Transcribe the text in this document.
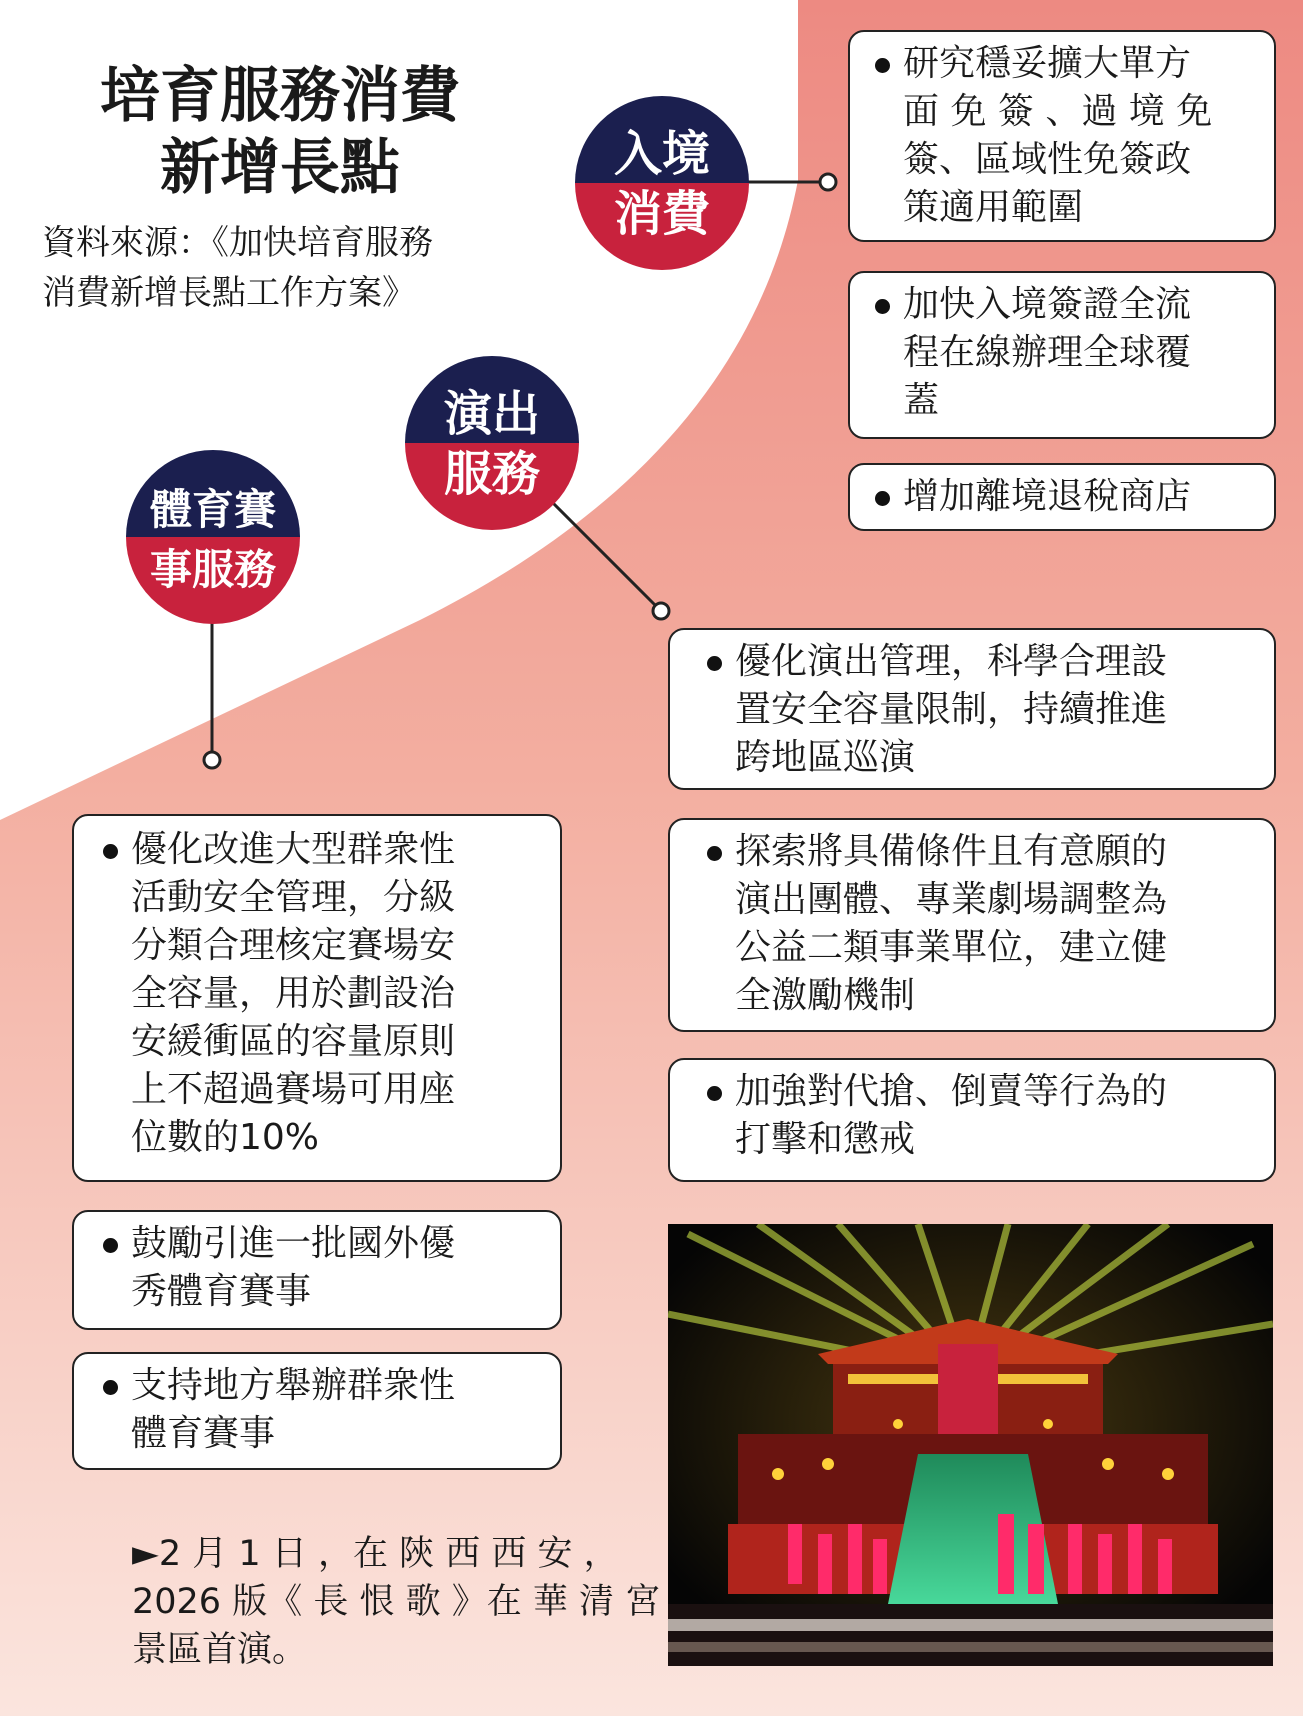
培育服務消費
新增長點
資料來源：《加快培育服務
消費新增長點工作方案》
入境
消費
演出
服務
體育賽
事服務
研究穩妥擴大單方
面 免 簽 、過 境 免
簽、區域性免簽政
策適用範圍
加快入境簽證全流
程在線辦理全球覆
蓋
增加離境退稅商店
優化演出管理，科學合理設
置安全容量限制，持續推進
跨地區巡演
探索將具備條件且有意願的
演出團體、專業劇場調整為
公益二類事業單位，建立健
全激勵機制
加強對代搶、倒賣等行為的
打擊和懲戒
優化改進大型群衆性
活動安全管理，分級
分類合理核定賽場安
全容量，用於劃設治
安緩衝區的容量原則
上不超過賽場可用座
位數的10%
鼓勵引進一批國外優
秀體育賽事
支持地方舉辦群衆性
體育賽事
►2 月 1 日 ，在 陝 西 西 安 ，
2026 版《 長 恨 歌 》在 華 清 宮
景區首演。
